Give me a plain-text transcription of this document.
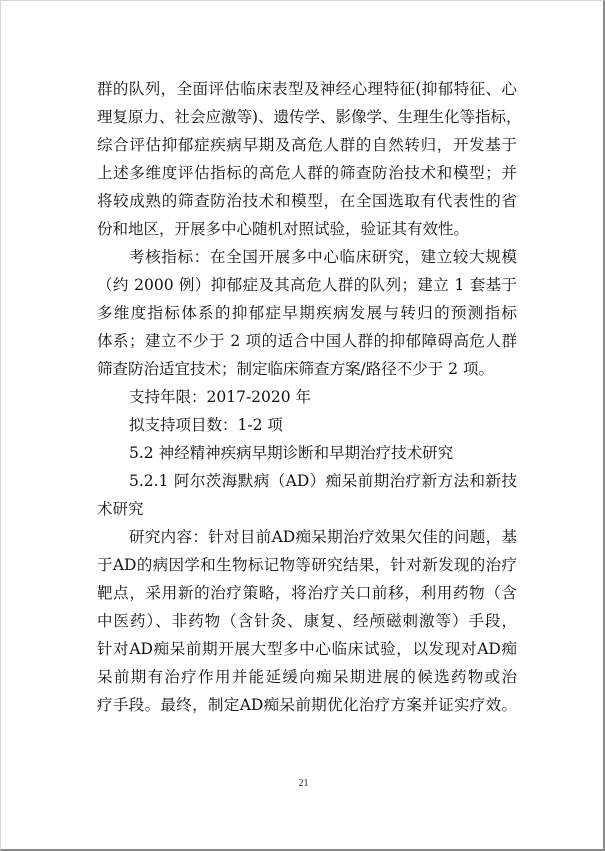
群的队列，全面评估临床表型及神经心理特征(抑郁特征、心
理复原力、社会应激等)、遗传学、影像学、生理生化等指标，
综合评估抑郁症疾病早期及高危人群的自然转归，开发基于
上述多维度评估指标的高危人群的筛查防治技术和模型；并
将较成熟的筛查防治技术和模型，在全国选取有代表性的省
份和地区，开展多中心随机对照试验，验证其有效性。
考核指标：在全国开展多中心临床研究，建立较大规模
（约 2000 例）抑郁症及其高危人群的队列；建立 1 套基于
多维度指标体系的抑郁症早期疾病发展与转归的预测指标
体系；建立不少于 2 项的适合中国人群的抑郁障碍高危人群
筛查防治适宜技术；制定临床筛查方案/路径不少于 2 项。
支持年限：2017-2020 年
拟支持项目数：1-2 项
5.2 神经精神疾病早期诊断和早期治疗技术研究
5.2.1 阿尔茨海默病（AD）痴呆前期治疗新方法和新技
术研究
研究内容：针对目前AD痴呆期治疗效果欠佳的问题，基
于AD的病因学和生物标记物等研究结果，针对新发现的治疗
靶点，采用新的治疗策略，将治疗关口前移，利用药物（含
中医药）、非药物（含针灸、康复、经颅磁刺激等）手段，
针对AD痴呆前期开展大型多中心临床试验，以发现对AD痴
呆前期有治疗作用并能延缓向痴呆期进展的候选药物或治
疗手段。最终，制定AD痴呆前期优化治疗方案并证实疗效。
21
